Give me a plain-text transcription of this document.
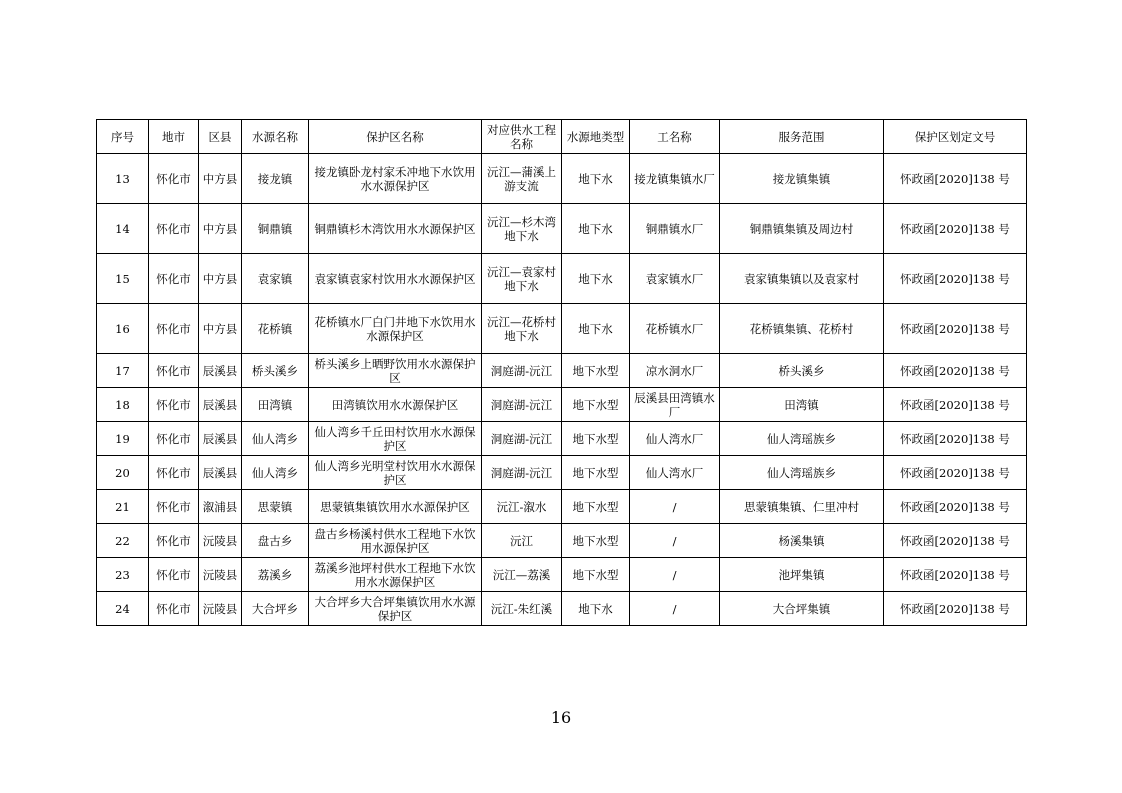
序号	地市	区县	水源名称	保护区名称	对应供水工程名称	水源地类型	工名称	服务范围	保护区划定文号
13	怀化市	中方县	接龙镇	接龙镇卧龙村家禾冲地下水饮用水水源保护区	沅江—蒲溪上游支流	地下水	接龙镇集镇水厂	接龙镇集镇	怀政函[2020]138 号
14	怀化市	中方县	铜鼎镇	铜鼎镇杉木湾饮用水水源保护区	沅江—杉木湾地下水	地下水	铜鼎镇水厂	铜鼎镇集镇及周边村	怀政函[2020]138 号
15	怀化市	中方县	袁家镇	袁家镇袁家村饮用水水源保护区	沅江—袁家村地下水	地下水	袁家镇水厂	袁家镇集镇以及袁家村	怀政函[2020]138 号
16	怀化市	中方县	花桥镇	花桥镇水厂白门井地下水饮用水水源保护区	沅江—花桥村地下水	地下水	花桥镇水厂	花桥镇集镇、花桥村	怀政函[2020]138 号
17	怀化市	辰溪县	桥头溪乡	桥头溪乡上晒野饮用水水源保护区	洞庭湖-沅江	地下水型	凉水洞水厂	桥头溪乡	怀政函[2020]138 号
18	怀化市	辰溪县	田湾镇	田湾镇饮用水水源保护区	洞庭湖-沅江	地下水型	辰溪县田湾镇水厂	田湾镇	怀政函[2020]138 号
19	怀化市	辰溪县	仙人湾乡	仙人湾乡千丘田村饮用水水源保护区	洞庭湖-沅江	地下水型	仙人湾水厂	仙人湾瑶族乡	怀政函[2020]138 号
20	怀化市	辰溪县	仙人湾乡	仙人湾乡光明堂村饮用水水源保护区	洞庭湖-沅江	地下水型	仙人湾水厂	仙人湾瑶族乡	怀政函[2020]138 号
21	怀化市	溆浦县	思蒙镇	思蒙镇集镇饮用水水源保护区	沅江-溆水	地下水型	/	思蒙镇集镇、仁里冲村	怀政函[2020]138 号
22	怀化市	沅陵县	盘古乡	盘古乡杨溪村供水工程地下水饮用水源保护区	沅江	地下水型	/	杨溪集镇	怀政函[2020]138 号
23	怀化市	沅陵县	荔溪乡	荔溪乡池坪村供水工程地下水饮用水水源保护区	沅江—荔溪	地下水型	/	池坪集镇	怀政函[2020]138 号
24	怀化市	沅陵县	大合坪乡	大合坪乡大合坪集镇饮用水水源保护区	沅江-朱红溪	地下水	/	大合坪集镇	怀政函[2020]138 号
16
